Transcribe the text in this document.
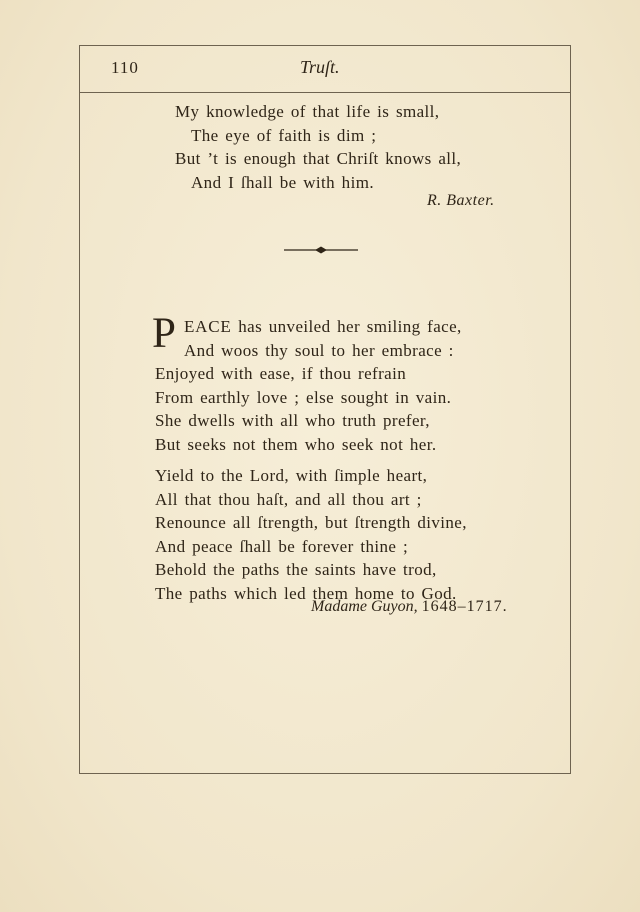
110	Truſt.
My knowledge of that life is small,
The eye of faith is dim ;
But ’t is enough that Chriſt knows all,
And I ſhall be with him.
R. Baxter.
P EACE has unveiled her smiling face,
And woos thy soul to her embrace :
Enjoyed with ease, if thou refrain
From earthly love ; else sought in vain.
She dwells with all who truth prefer,
But seeks not them who seek not her.
Yield to the Lord, with ſimple heart,
All that thou haſt, and all thou art ;
Renounce all ſtrength, but ſtrength divine,
And peace ſhall be forever thine ;
Behold the paths the saints have trod,
The paths which led them home to God.
Madame Guyon, 1648–1717.
